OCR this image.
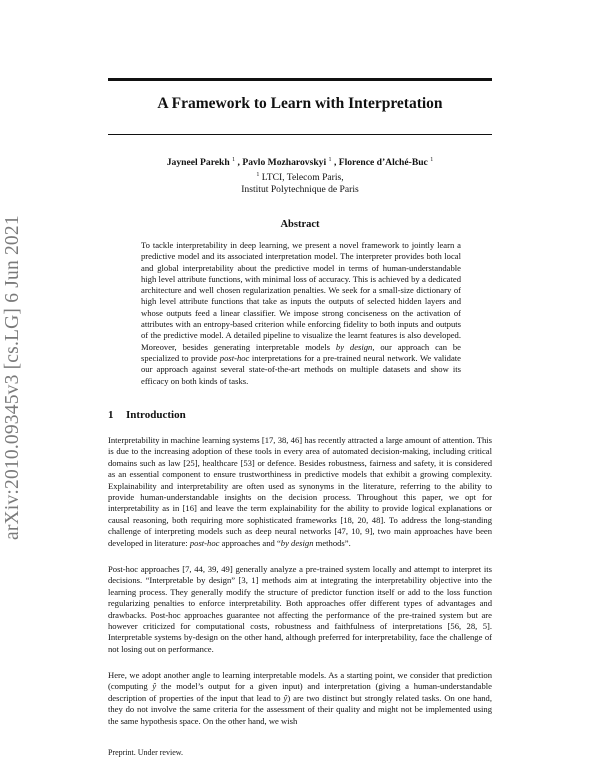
arXiv:2010.09345v3 [cs.LG] 6 Jun 2021
A Framework to Learn with Interpretation
Jayneel Parekh $^1$ , Pavlo Mozharovskyi $^1$ , Florence d’Alché-Buc $^1$
$^1$ LTCI, Telecom Paris,
Institut Polytechnique de Paris
Abstract
To tackle interpretability in deep learning, we present a novel framework to jointly learn a predictive model and its associated interpretation model. The interpreter provides both local and global interpretability about the predictive model in terms of human-understandable high level attribute functions, with minimal loss of accuracy. This is achieved by a dedicated architecture and well chosen regularization penalties. We seek for a small-size dictionary of high level attribute functions that take as inputs the outputs of selected hidden layers and whose outputs feed a linear classifier. We impose strong conciseness on the activation of attributes with an entropy-based criterion while enforcing fidelity to both inputs and outputs of the predictive model. A detailed pipeline to visualize the learnt features is also developed. Moreover, besides generating interpretable models by design, our approach can be specialized to provide post-hoc interpretations for a pre-trained neural network. We validate our approach against several state-of-the-art methods on multiple datasets and show its efficacy on both kinds of tasks.
1 Introduction

Interpretability in machine learning systems [17, 38, 46] has recently attracted a large amount of attention. This is due to the increasing adoption of these tools in every area of automated decision-making, including critical domains such as law [25], healthcare [53] or defence. Besides robustness, fairness and safety, it is considered as an essential component to ensure trustworthiness in predictive models that exhibit a growing complexity. Explainability and interpretability are often used as synonyms in the literature, referring to the ability to provide human-understandable insights on the decision process. Throughout this paper, we opt for interpretability as in [16] and leave the term explainability for the ability to provide logical explanations or causal reasoning, both requiring more sophisticated frameworks [18, 20, 48]. To address the long-standing challenge of interpreting models such as deep neural networks [47, 10, 9], two main approaches have been developed in literature: post-hoc approaches and “by design methods”.

Post-hoc approaches [7, 44, 39, 49] generally analyze a pre-trained system locally and attempt to interpret its decisions. “Interpretable by design” [3, 1] methods aim at integrating the interpretability objective into the learning process. They generally modify the structure of predictor function itself or add to the loss function regularizing penalties to enforce interpretability. Both approaches offer different types of advantages and drawbacks. Post-hoc approaches guarantee not affecting the performance of the pre-trained system but are however criticized for computational costs, robustness and faithfulness of interpretations [56, 28, 5]. Interpretable systems by-design on the other hand, although preferred for interpretability, face the challenge of not losing out on performance.

Here, we adopt another angle to learning interpretable models. As a starting point, we consider that prediction (computing ŷ the model’s output for a given input) and interpretation (giving a human-understandable description of properties of the input that lead to ŷ) are two distinct but strongly related tasks. On one hand, they do not involve the same criteria for the assessment of their quality and might not be implemented using the same hypothesis space. On the other hand, we wish

Preprint. Under review.
